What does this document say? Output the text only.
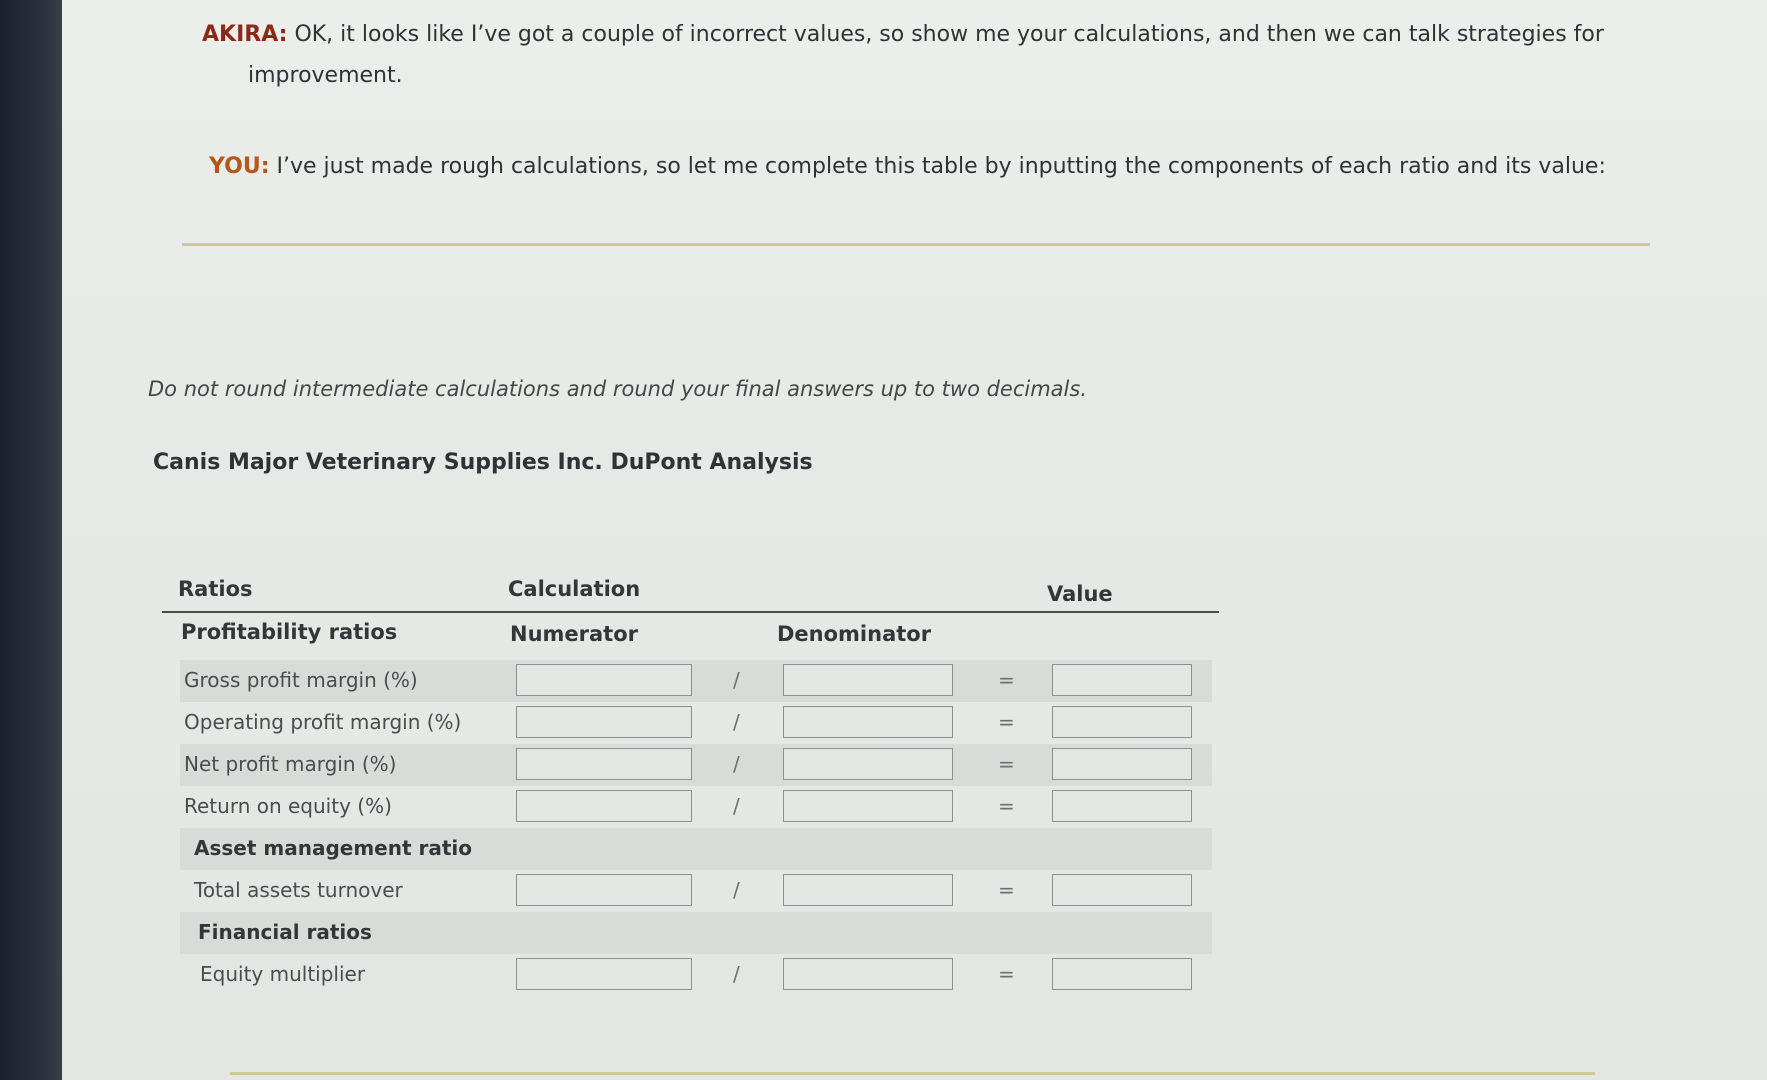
AKIRA: OK, it looks like I’ve got a couple of incorrect values, so show me your calculations, and then we can talk strategies for
improvement.
YOU: I’ve just made rough calculations, so let me complete this table by inputting the components of each ratio and its value:
Do not round intermediate calculations and round your final answers up to two decimals.
Canis Major Veterinary Supplies Inc. DuPont Analysis
Ratios	Calculation	Value
Profitability ratios	Numerator	Denominator
Gross profit margin (%)	/	=
Operating profit margin (%)	/	=
Net profit margin (%)	/	=
Return on equity (%)	/	=
Asset management ratio
Total assets turnover	/	=
Financial ratios
Equity multiplier	/	=
